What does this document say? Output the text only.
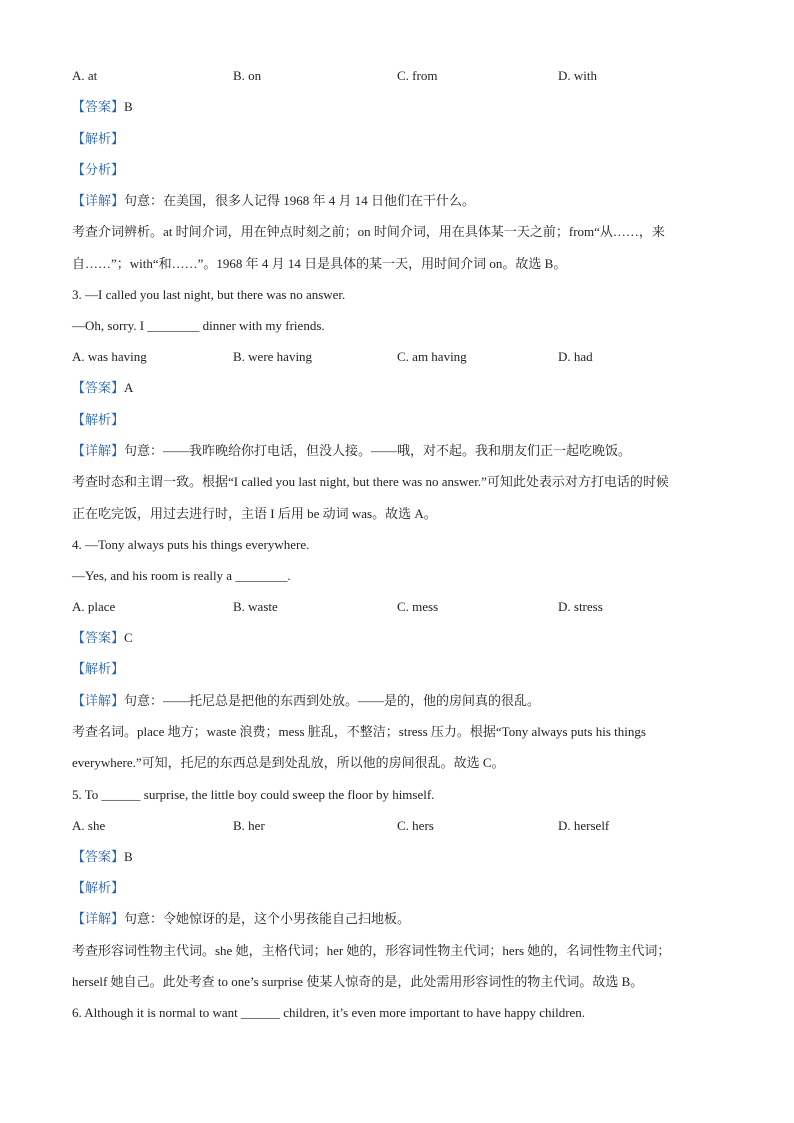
A. at	B. on	C. from	D. with
【答案】B
【解析】
【分析】
【详解】句意：在美国，很多人记得 1968 年 4 月 14 日他们在干什么。
考查介词辨析。at 时间介词，用在钟点时刻之前；on 时间介词，用在具体某一天之前；from“从……，来
自……”；with“和……”。1968 年 4 月 14 日是具体的某一天，用时间介词 on。故选 B。
3. —I called you last night, but there was no answer.
—Oh, sorry. I ________ dinner with my friends.
A. was having	B. were having	C. am having	D. had
【答案】A
【解析】
【详解】句意：——我昨晚给你打电话，但没人接。——哦，对不起。我和朋友们正一起吃晚饭。
考查时态和主谓一致。根据“I called you last night, but there was no answer.”可知此处表示对方打电话的时候
正在吃完饭，用过去进行时，主语 I 后用 be 动词 was。故选 A。
4. —Tony always puts his things everywhere.
—Yes, and his room is really a ________.
A. place	B. waste	C. mess	D. stress
【答案】C
【解析】
【详解】句意：——托尼总是把他的东西到处放。——是的，他的房间真的很乱。
考查名词。place 地方；waste 浪费；mess 脏乱，不整洁；stress 压力。根据“Tony always puts his things
everywhere.”可知，托尼的东西总是到处乱放，所以他的房间很乱。故选 C。
5. To ______ surprise, the little boy could sweep the floor by himself.
A. she	B. her	C. hers	D. herself
【答案】B
【解析】
【详解】句意：令她惊讶的是，这个小男孩能自己扫地板。
考查形容词性物主代词。she 她，主格代词；her 她的，形容词性物主代词；hers 她的，名词性物主代词；
herself 她自己。此处考查 to one’s surprise 使某人惊奇的是，此处需用形容词性的物主代词。故选 B。
6. Although it is normal to want ______ children, it’s even more important to have happy children.
